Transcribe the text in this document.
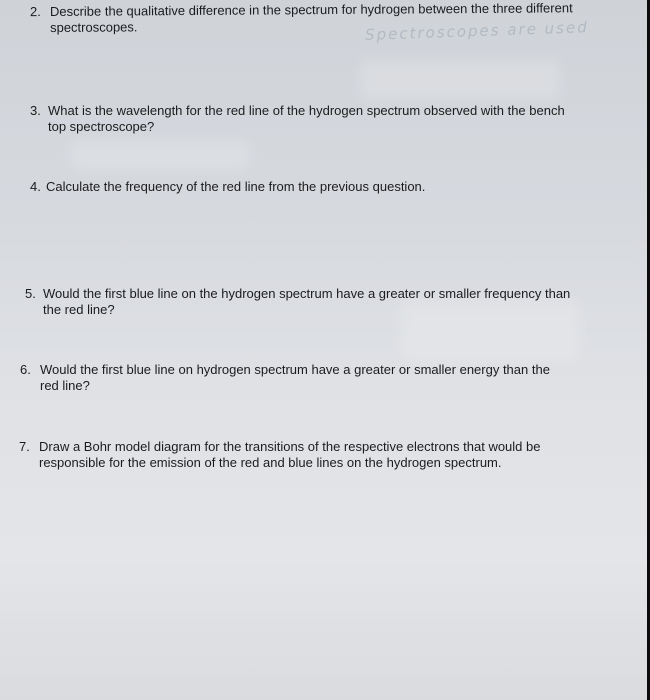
2. Describe the qualitative difference in the spectrum for hydrogen between the three different
spectroscopes.	Spectroscopes are used
3. What is the wavelength for the red line of the hydrogen spectrum observed with the bench
top spectroscope?
4. Calculate the frequency of the red line from the previous question.
5. Would the first blue line on the hydrogen spectrum have a greater or smaller frequency than
the red line?
6. Would the first blue line on hydrogen spectrum have a greater or smaller energy than the
red line?
7. Draw a Bohr model diagram for the transitions of the respective electrons that would be
responsible for the emission of the red and blue lines on the hydrogen spectrum.
